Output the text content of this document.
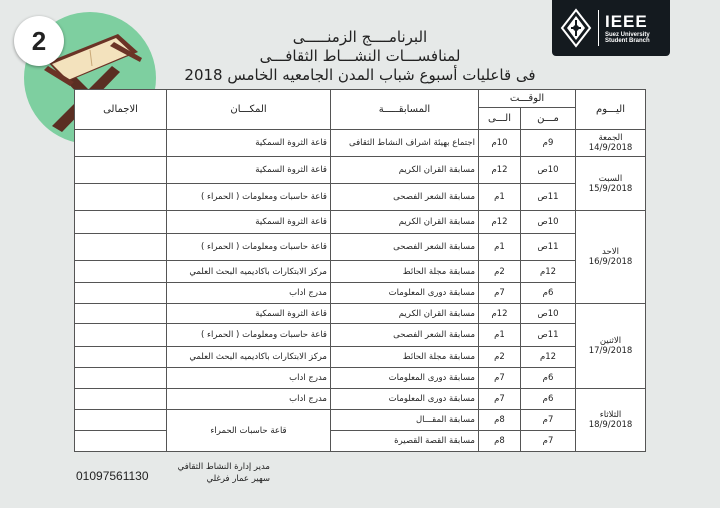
2
IEEE
Suez University
Student Branch
البرنامــــج الزمنـــــى
لمنافســـات النشـــاط الثقافـــى
فى قاعليات أسبوع شباب المدن الجامعيه الخامس 2018
اليـــوم	الوقـــت		المسابقـــــة	المكـــان	الاجمالى
	مـــن	الـــى			

الجمعة
14/9/2018	9م	10م	اجتماع بهيئة اشراف النشاط الثقافى	قاعة الثروة السمكية	

السبت
15/9/2018	10ص	12م	مسابقة القران الكريم	قاعة الثروة السمكية	
	11ص	1م	مسابقة الشعر الفصحى	قاعة حاسبات ومعلومات ( الحمراء )	

الاحد
16/9/2018	10ص	12م	مسابقة القران الكريم	قاعة الثروة السمكية	
	11ص	1م	مسابقة الشعر الفصحى	قاعة حاسبات ومعلومات ( الحمراء )	
	12م	2م	مسابقة مجلة الحائط	مركز الابتكارات باكاديميه البحث العلمي	
	6م	7م	مسابقة دورى المعلومات	مدرج اداب	

الاثنين
17/9/2018	10ص	12م	مسابقة القران الكريم	قاعة الثروة السمكية	
	11ص	1م	مسابقة الشعر الفصحى	قاعة حاسبات ومعلومات ( الحمراء )	
	12م	2م	مسابقة مجلة الحائط	مركز الابتكارات باكاديميه البحث العلمي	
	6م	7م	مسابقة دورى المعلومات	مدرج اداب	

الثلاثاء
18/9/2018	6م	7م	مسابقة دورى المعلومات	مدرج اداب	
	7م	8م	مسابقة المقـــال	قاعة حاسبات الحمراء	
	7م	8م	مسابقة القصة القصيرة		
مدير إدارة النشاط الثقافي
سهير عمار فرغلي
01097561130
